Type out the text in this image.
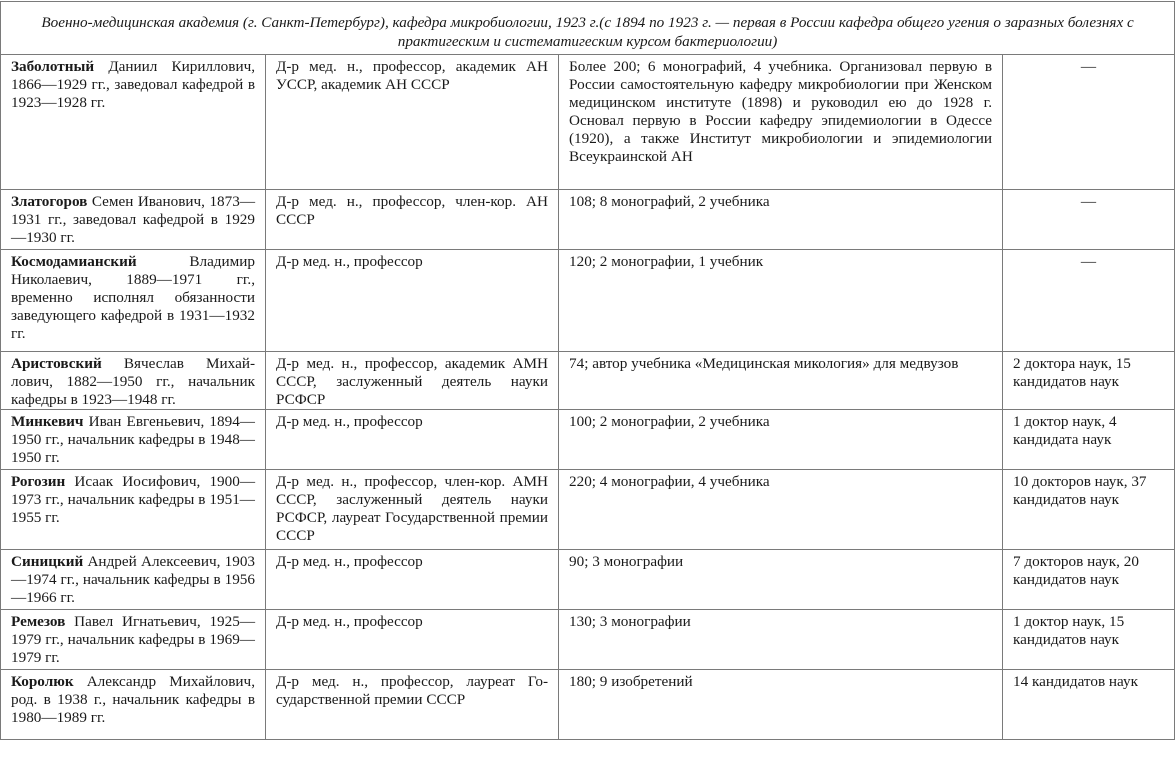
Военно-медицинская академия (г. Санкт-Петербург), кафедра микробиологии, 1923 г.(с 1894 по 1923 г. — первая в России кафедра общего угения о заразных болезнях с практигеским и систематигеским курсом бактериологии)			
Заболотный Даниил Кириллович, 1866—1929 гг., заведовал кафедрой в 1923—1928 гг.	Д-р мед. н., профессор, академик АН УССР, академик АН СССР	Более 200; 6 монографий, 4 учебника. Организовал первую в России самостоятельную кафедру микробиологии при Женском медицинском институте (1898) и руководил ею до 1928 г. Основал первую в России кафедру эпидемиологии в Одессе (1920), а также Институт микробиологии и эпидемиологии Всеукраинской АН	—
Златогоров Семен Иванович, 1873—1931 гг., заведовал кафедрой в 1929—1930 гг.	Д-р мед. н., профессор, член-кор. АН СССР	108; 8 монографий, 2 учебника	—
Космодамианский Владимир Николаевич, 1889—1971 гг., временно исполнял обязанности заведующего кафедрой в 1931—1932 гг.	Д-р мед. н., профессор	120; 2 монографии, 1 учебник	—
Аристовский Вячеслав Михайлович, 1882—1950 гг., начальник кафедры в 1923—1948 гг.	Д-р мед. н., профессор, академик АМН СССР, заслуженный деятель науки РСФСР	74; автор учебника «Медицинская микология» для медвузов	2 доктора наук, 15 кандидатов наук
Минкевич Иван Евгеньевич, 1894—1950 гг., начальник кафедры в 1948—1950 гг.	Д-р мед. н., профессор	100; 2 монографии, 2 учебника	1 доктор наук, 4 кандидата наук
Рогозин Исаак Иосифович, 1900—1973 гг., начальник кафедры в 1951—1955 гг.	Д-р мед. н., профессор, член-кор. АМН СССР, заслуженный деятель науки РСФСР, лауреат Государственной премии СССР	220; 4 монографии, 4 учебника	10 докторов наук, 37 кандидатов наук
Синицкий Андрей Алексеевич, 1903—1974 гг., начальник кафедры в 1956—1966 гг.	Д-р мед. н., профессор	90; 3 монографии	7 докторов наук, 20 кандидатов наук
Ремезов Павел Игнатьевич, 1925—1979 гг., начальник кафедры в 1969—1979 гг.	Д-р мед. н., профессор	130; 3 монографии	1 доктор наук, 15 кандидатов наук
Королюк Александр Михайлович, род. в 1938 г., начальник кафедры в 1980—1989 гг.	Д-р мед. н., профессор, лауреат Государственной премии СССР	180; 9 изобретений	14 кандидатов наук
